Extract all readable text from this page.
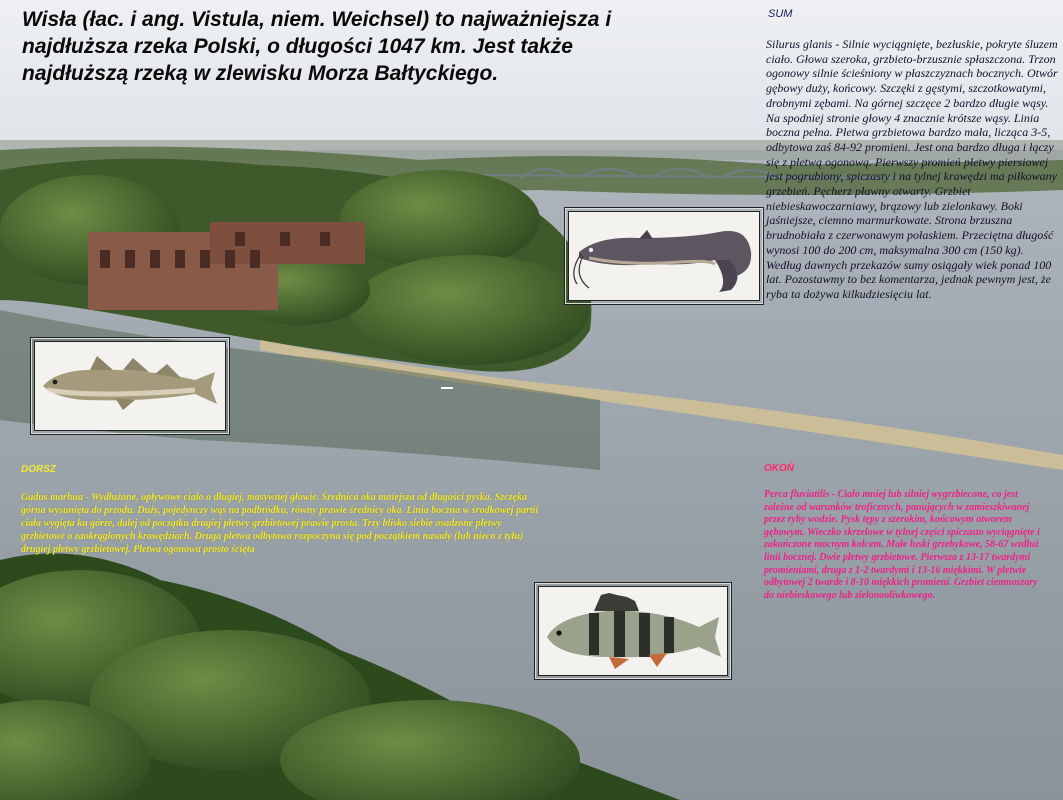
Wisła (łac. i ang. Vistula, niem. Weichsel) to najważniejsza i najdłuższa rzeka Polski, o długości 1047 km. Jest także najdłuższą rzeką w zlewisku Morza Bałtyckiego.

SUM

Silurus glanis - Silnie wyciągnięte, bezłuskie, pokryte śluzem ciało. Głowa szeroka, grzbieto-brzusznie spłaszczona. Trzon ogonowy silnie ścieśniony w płaszczyznach bocznych. Otwór gębowy duży, końcowy. Szczęki z gęstymi, szczotkowatymi, drobnymi zębami. Na górnej szczęce 2 bardzo długie wąsy. Na spodniej stronie głowy 4 znacznie krótsze wąsy. Linia boczna pełna. Płetwa grzbietowa bardzo mała, licząca 3-5, odbytowa zaś 84-92 promieni. Jest ona bardzo długa i łączy się z płetwą ogonową. Pierwszy promień płetwy piersiowej jest pogrubiony, spiczasty i na tylnej krawędzi ma piłkowany grzebień. Pęcherz pławny otwarty. Grzbiet niebieskawoczarniawy, brązowy lub zielonkawy. Boki jaśniejsze, ciemno marmurkowate. Strona brzuszna brudnobiała z czerwonawym połaskiem. Przeciętna długość wynosi 100 do 200 cm, maksymalna 300 cm (150 kg). Według dawnych przekazów sumy osiągały wiek ponad 100 lat. Pozostawmy to bez komentarza, jednak pewnym jest, że ryba ta dożywa kilkudziesięciu lat.

DORSZ

Gadus morhua - Wydłużone, opływowe ciało o długiej, masywnej głowie. Średnica oka mniejsza od długości pyska. Szczęka górna wysunięta do przodu. Duży, pojedynczy wąs na podbródku, równy prawie średnicy oka. Linia boczna w środkowej partii ciała wygięta ku górze, dalej od początku drugiej płetwy grzbietowej prawie prosta. Trzy blisko siebie osadzone płetwy grzbietowe o zaokrąglonych krawędziach. Druga płetwa odbytowa rozpoczyna się pod początkiem nasady (lub nieco z tyłu) drugiej płetwy grzbietowej. Płetwa ogonowa prosto ścięta

OKOŃ

Perca fluviatilis - Ciało mniej lub silniej wygrzbiecone, co jest zależne od warunków troficznych, panujących w zamieszkiwanej przez ryby wodzie. Pysk tępy z szerokim, końcowym otworem gębowym. Wieczko skrzelowe w tylnej części spiczasto wyciągnięte i zakończone mocnym kolcem. Małe łuski grzebykowe, 58-67 wzdłuż linii bocznej. Dwie płetwy grzbietowe. Pierwsza z 13-17 twardymi promieniami, druga z 1-2 twardymi i 13-16 miękkimi. W płetwie odbytowej 2 twarde i 8-10 miękkich promieni. Grzbiet ciemnoszary do niebieskawego lub zielonooliwkowego.
